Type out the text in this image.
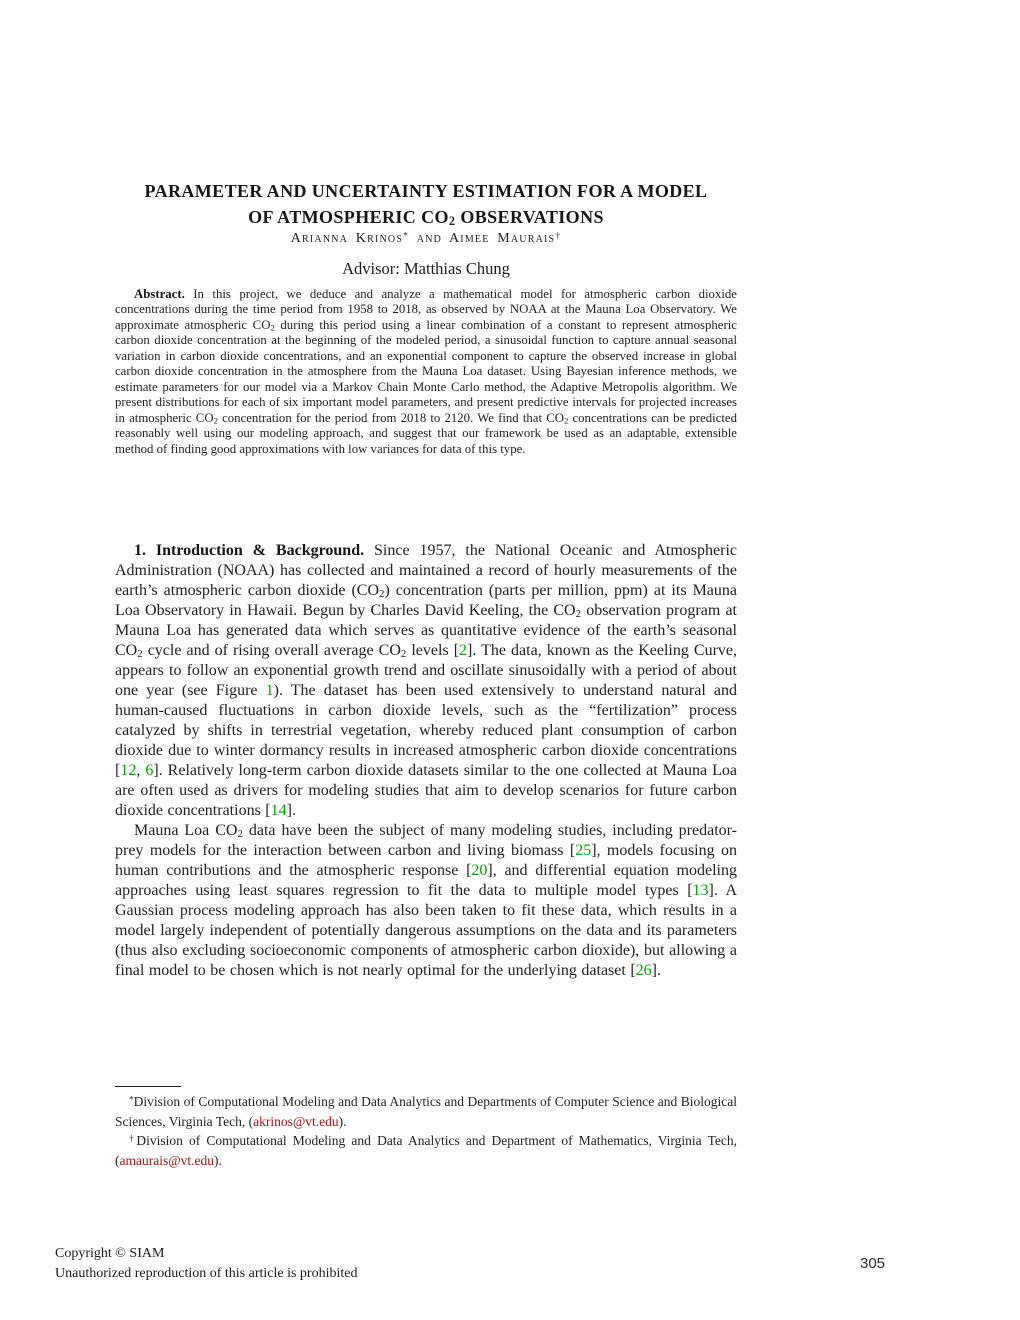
PARAMETER AND UNCERTAINTY ESTIMATION FOR A MODEL
OF ATMOSPHERIC $CO_2$ OBSERVATIONS
Arianna Krinos* and Aimee Maurais†
Advisor: Matthias Chung

Abstract. In this project, we deduce and analyze a mathematical model for atmospheric carbon dioxide concentrations during the time period from 1958 to 2018, as observed by NOAA at the Mauna Loa Observatory. We approximate atmospheric $CO_2$ during this period using a linear combination of a constant to represent atmospheric carbon dioxide concentration at the beginning of the modeled period, a sinusoidal function to capture annual seasonal variation in carbon dioxide concentrations, and an exponential component to capture the observed increase in global carbon dioxide concentration in the atmosphere from the Mauna Loa dataset. Using Bayesian inference methods, we estimate parameters for our model via a Markov Chain Monte Carlo method, the Adaptive Metropolis algorithm. We present distributions for each of six important model parameters, and present predictive intervals for projected increases in atmospheric $CO_2$ concentration for the period from 2018 to 2120. We find that $CO_2$ concentrations can be predicted reasonably well using our modeling approach, and suggest that our framework be used as an adaptable, extensible method of finding good approximations with low variances for data of this type.

1. Introduction & Background. Since 1957, the National Oceanic and Atmospheric Administration (NOAA) has collected and maintained a record of hourly measurements of the earth’s atmospheric carbon dioxide $(CO_2)$ concentration (parts per million, ppm) at its Mauna Loa Observatory in Hawaii. Begun by Charles David Keeling, the $CO_2$ observation program at Mauna Loa has generated data which serves as quantitative evidence of the earth’s seasonal $CO_2$ cycle and of rising overall average $CO_2$ levels [2]. The data, known as the Keeling Curve, appears to follow an exponential growth trend and oscillate sinusoidally with a period of about one year (see Figure 1). The dataset has been used extensively to understand natural and human-caused fluctuations in carbon dioxide levels, such as the “fertilization” process catalyzed by shifts in terrestrial vegetation, whereby reduced plant consumption of carbon dioxide due to winter dormancy results in increased atmospheric carbon dioxide concentrations [12, 6]. Relatively long-term carbon dioxide datasets similar to the one collected at Mauna Loa are often used as drivers for modeling studies that aim to develop scenarios for future carbon dioxide concentrations [14].

Mauna Loa $CO_2$ data have been the subject of many modeling studies, including predator-prey models for the interaction between carbon and living biomass [25], models focusing on human contributions and the atmospheric response [20], and differential equation modeling approaches using least squares regression to fit the data to multiple model types [13]. A Gaussian process modeling approach has also been taken to fit these data, which results in a model largely independent of potentially dangerous assumptions on the data and its parameters (thus also excluding socioeconomic components of atmospheric carbon dioxide), but allowing a final model to be chosen which is not nearly optimal for the underlying dataset [26].

*Division of Computational Modeling and Data Analytics and Departments of Computer Science and Biological Sciences, Virginia Tech, (akrinos@vt.edu).

†Division of Computational Modeling and Data Analytics and Department of Mathematics, Virginia Tech, (amaurais@vt.edu).

Copyright © SIAM
Unauthorized reproduction of this article is prohibited
305
